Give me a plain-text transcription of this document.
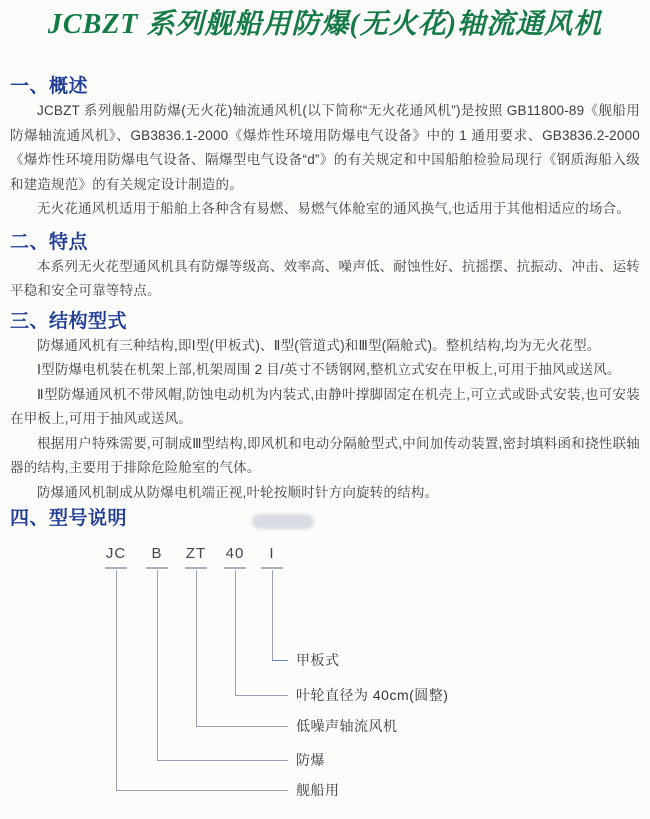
JCBZT 系列舰船用防爆(无火花)轴流通风机
一、概述

JCBZT 系列舰船用防爆(无火花)轴流通风机(以下简称“无火花通风机”)是按照 GB11800-89《舰船用防爆轴流通风机》、GB3836.1-2000《爆炸性环境用防爆电气设备》中的 1 通用要求、GB3836.2-2000《爆炸性环境用防爆电气设备、隔爆型电气设备“d”》的有关规定和中国船舶检验局现行《钢质海船入级和建造规范》的有关规定设计制造的。

无火花通风机适用于船舶上各种含有易燃、易燃气体舱室的通风换气,也适用于其他相适应的场合。

二、特点

本系列无火花型通风机具有防爆等级高、效率高、噪声低、耐蚀性好、抗摇摆、抗振动、冲击、运转平稳和安全可靠等特点。

三、结构型式

防爆通风机有三种结构,即Ⅰ型(甲板式)、Ⅱ型(管道式)和Ⅲ型(隔舱式)。整机结构,均为无火花型。

Ⅰ型防爆电机装在机架上部,机架周围 2 目/英寸不锈钢网,整机立式安在甲板上,可用于抽风或送风。

Ⅱ型防爆通风机不带风帽,防蚀电动机为内装式,由静叶撑脚固定在机壳上,可立式或卧式安装,也可安装在甲板上,可用于抽风或送风。

根据用户特殊需要,可制成Ⅲ型结构,即风机和电动分隔舱型式,中间加传动装置,密封填料函和挠性联轴器的结构,主要用于排除危险舱室的气体。

防爆通风机制成从防爆电机端正视,叶轮按顺时针方向旋转的结构。

四、型号说明
JC
舰船用
B
防爆
ZT
低噪声轴流风机
40
叶轮直径为 40cm(圆整)
I
甲板式
